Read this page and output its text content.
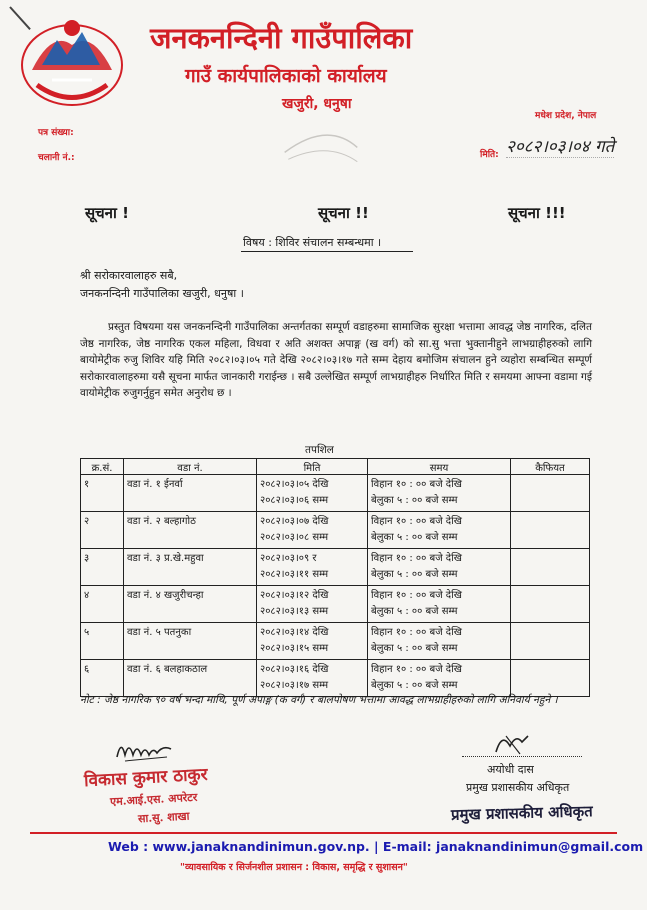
जनकनन्दिनी गाउँपालिका
गाउँ कार्यपालिकाको कार्यालय
खजुरी, धनुषा
मधेश प्रदेश, नेपाल
पत्र संख्या:
चलानी नं.:	मिति: २०८२।०३।०४ गते
सूचना !	सूचना !!	सूचना !!!
विषय : शिविर संचालन सम्बन्धमा ।
श्री सरोकारवालाहरु सबै,
जनकनन्दिनी गाउँपालिका खजुरी, धनुषा ।

प्रस्तुत विषयमा यस जनकनन्दिनी गाउँपालिका अन्तर्गतका सम्पूर्ण वडाहरुमा सामाजिक सुरक्षा भत्तामा आवद्ध जेष्ठ नागरिक, दलित जेष्ठ नागरिक, जेष्ठ नागरिक एकल महिला, विधवा र अति अशक्त अपाङ्ग (ख वर्ग) को सा.सु भत्ता भुक्तानीहुने लाभग्राहीहरुको लागि बायोमेट्रीक रुजु शिविर यहि मिति २०८२।०३।०५ गते देखि २०८२।०३।१७ गते सम्म देहाय बमोजिम संचालन हुने व्यहोरा सम्बन्धित सम्पूर्ण सरोकारवालाहरुमा यसै सूचना मार्फत जानकारी गराईन्छ । सबै उल्लेखित सम्पूर्ण लाभग्राहीहरु निर्धारित मिति र समयमा आफ्ना वडामा गई वायोमेट्रीक रुजुगर्नुहुन समेत अनुरोध छ ।

तपशिल
क्र.सं.	वडा नं.	मिति	समय	कैफियत
१	वडा नं. १ ईनर्वा	२०८२।०३।०५ देखि
२०८२।०३।०६ सम्म	विहान १० : ०० बजे देखि
बेलुका ५ : ०० बजे सम्म	

२	वडा नं. २ बल्हागोठ	२०८२।०३।०७ देखि
२०८२।०३।०८ सम्म	विहान १० : ०० बजे देखि
बेलुका ५ : ०० बजे सम्म	

३	वडा नं. ३ प्र.खे.महुवा	२०८२।०३।०९ र
२०८२।०३।११ सम्म	विहान १० : ०० बजे देखि
बेलुका ५ : ०० बजे सम्म	

४	वडा नं. ४ खजुरीचन्हा	२०८२।०३।१२ देखि
२०८२।०३।१३ सम्म	विहान १० : ०० बजे देखि
बेलुका ५ : ०० बजे सम्म	

५	वडा नं. ५ पतनुका	२०८२।०३।१४ देखि
२०८२।०३।१५ सम्म	विहान १० : ०० बजे देखि
बेलुका ५ : ०० बजे सम्म	

६	वडा नं. ६ बलहाकठाल	२०८२।०३।१६ देखि
२०८२।०३।१७ सम्म	विहान १० : ०० बजे देखि
बेलुका ५ : ०० बजे सम्म	

नोट : जेष्ठ नागरिक ९० वर्ष भन्दा माथि, पूर्ण अपाङ्ग (क वर्ग) र बालपोषण भत्तामा आवद्ध लाभग्राहीहरुको लागि अनिवार्य नहुने ।

विकास कुमार ठाकुर
एम.आई.एस. अपरेटर
सा.सु. शाखा
अयोधी दास
प्रमुख प्रशासकीय अधिकृत
प्रमुख प्रशासकीय अधिकृत
Web : www.janaknandinimun.gov.np. | E-mail: janaknandinimun@gmail.com
"व्यावसायिक र सिर्जनशील प्रशासन : विकास, समृद्धि र सुशासन"
